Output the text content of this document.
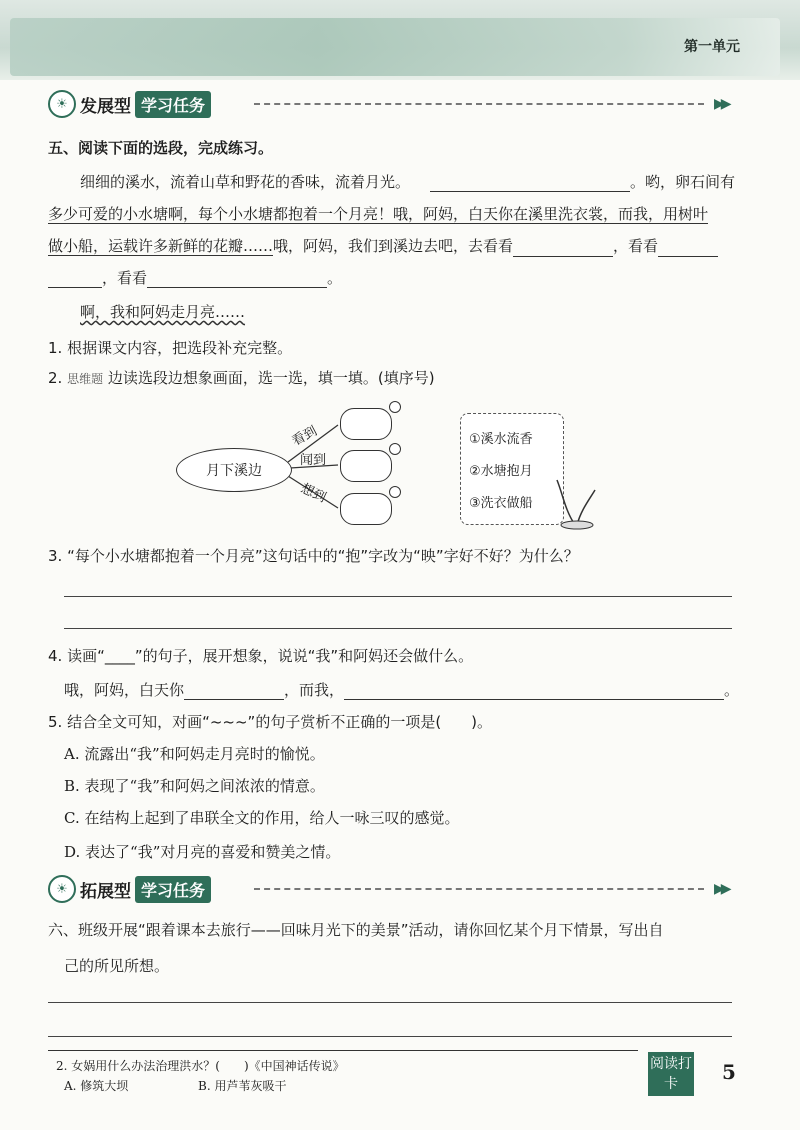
第一单元
☀ 发展型 学习任务	▶▶
五、阅读下面的选段，完成练习。
细细的溪水，流着山草和野花的香味，流着月光。	。哟，卵石间有
多少可爱的小水塘啊，每个小水塘都抱着一个月亮！哦，阿妈，白天你在溪里洗衣裳，而我，用树叶
做小船，运载许多新鲜的花瓣……哦，阿妈，我们到溪边去吧，去看看	，看看
，看看	。
啊，我和阿妈走月亮……
1. 根据课文内容，把选段补充完整。
2. 思维题 边读选段边想象画面，选一选，填一填。(填序号)
月下溪边
看到
闻到
想到
①溪水流香
②水塘抱月
③洗衣做船
3. “每个小水塘都抱着一个月亮”这句话中的“抱”字改为“映”字好不好？为什么？
4. 读画“____”的句子，展开想象，说说“我”和阿妈还会做什么。
哦，阿妈，白天你	，而我，	。
5. 结合全文可知，对画“~~~”的句子赏析不正确的一项是(　　)。
A. 流露出“我”和阿妈走月亮时的愉悦。
B. 表现了“我”和阿妈之间浓浓的情意。
C. 在结构上起到了串联全文的作用，给人一咏三叹的感觉。
D. 表达了“我”对月亮的喜爱和赞美之情。
☀ 拓展型 学习任务	▶▶
六、班级开展“跟着课本去旅行——回味月光下的美景”活动，请你回忆某个月下情景，写出自
己的所见所想。
2. 女娲用什么办法治理洪水？(　　)《中国神话传说》
A. 修筑大坝	B. 用芦苇灰吸干
阅读打卡	5
